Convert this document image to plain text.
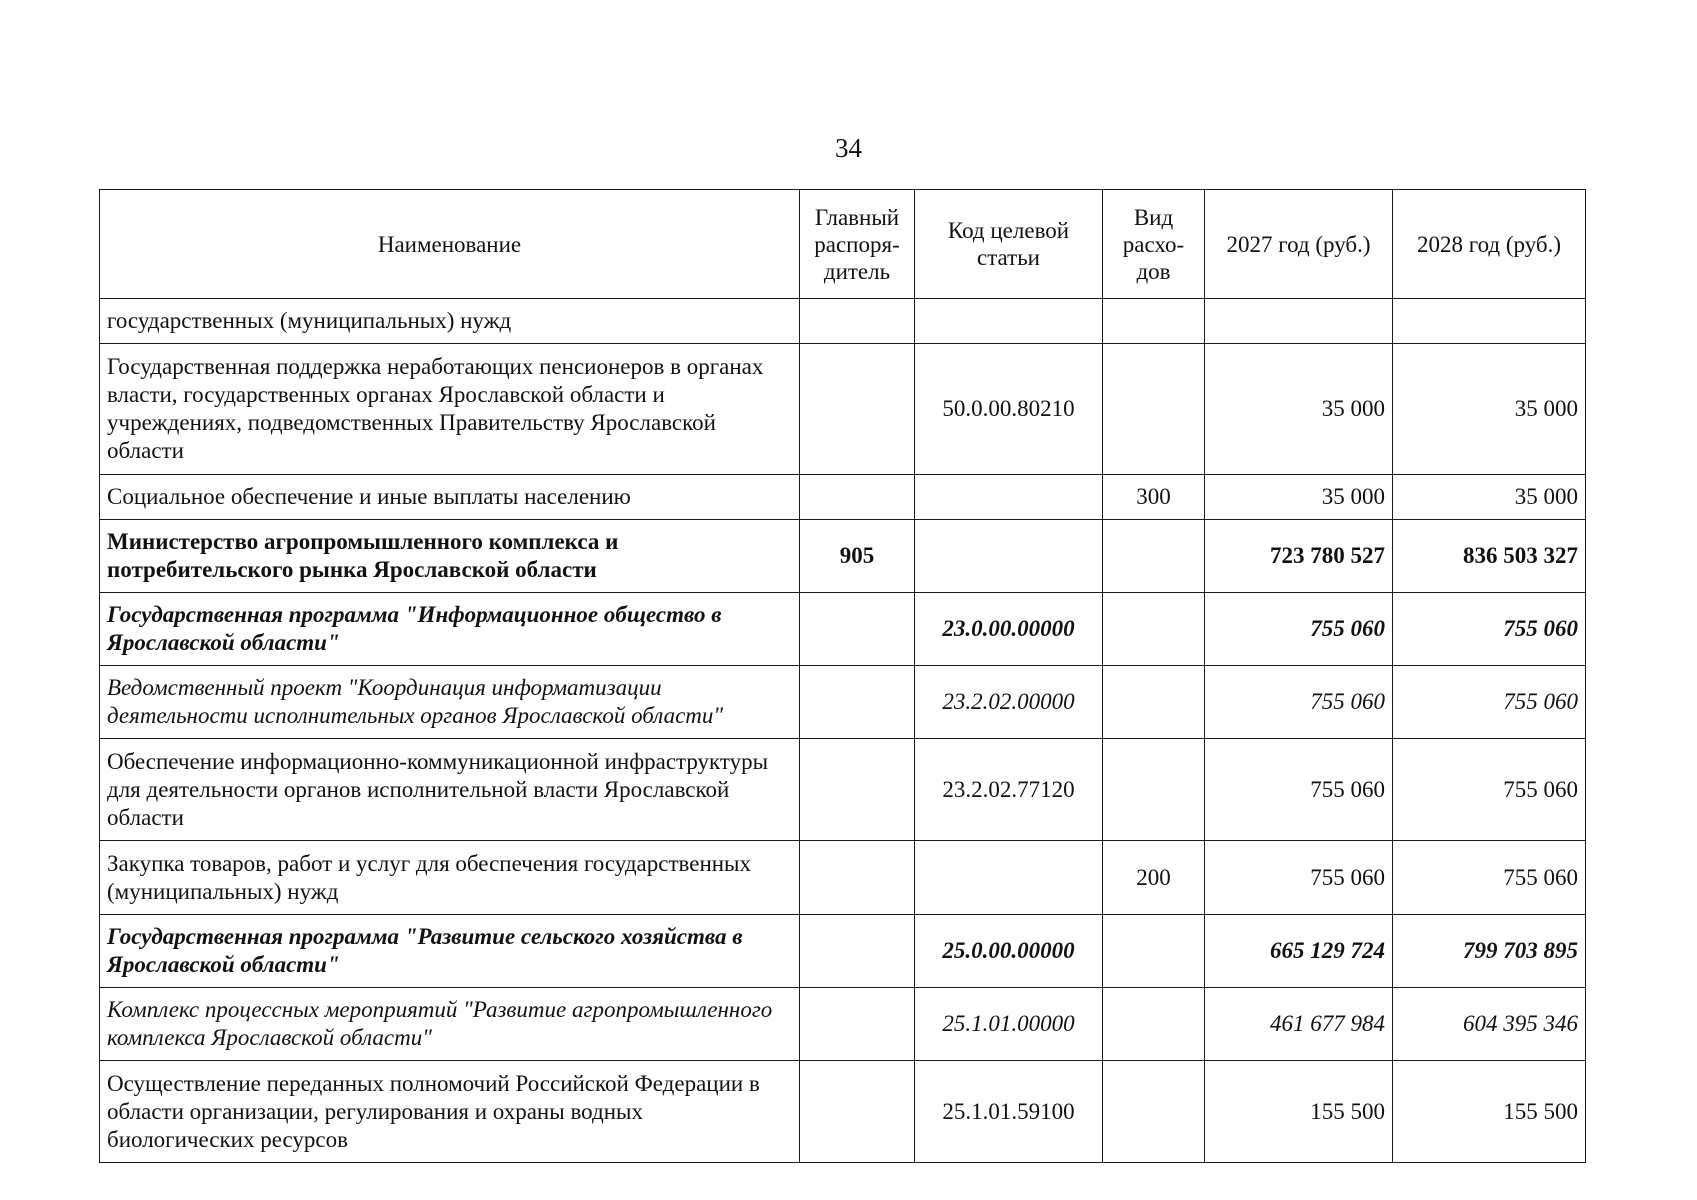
34
Наименование	Главный распоря-дитель	Код целевой статьи	Вид расхо-дов	2027 год (руб.)	2028 год (руб.)
государственных (муниципальных) нужд					
Государственная поддержка неработающих пенсионеров в органах власти, государственных органах Ярославской области и учреждениях, подведомственных Правительству Ярославской области		50.0.00.80210		35 000	35 000
Социальное обеспечение и иные выплаты населению			300	35 000	35 000
Министерство агропромышленного комплекса и потребительского рынка Ярославской области	905			723 780 527	836 503 327
Государственная программа "Информационное общество в Ярославской области"		23.0.00.00000		755 060	755 060
Ведомственный проект "Координация информатизации деятельности исполнительных органов Ярославской области"		23.2.02.00000		755 060	755 060
Обеспечение информационно-коммуникационной инфраструктуры для деятельности органов исполнительной власти Ярославской области		23.2.02.77120		755 060	755 060
Закупка товаров, работ и услуг для обеспечения государственных (муниципальных) нужд			200	755 060	755 060
Государственная программа "Развитие сельского хозяйства в Ярославской области"		25.0.00.00000		665 129 724	799 703 895
Комплекс процессных мероприятий "Развитие агропромышленного комплекса Ярославской области"		25.1.01.00000		461 677 984	604 395 346
Осуществление переданных полномочий Российской Федерации в области организации, регулирования и охраны водных биологических ресурсов		25.1.01.59100		155 500	155 500
